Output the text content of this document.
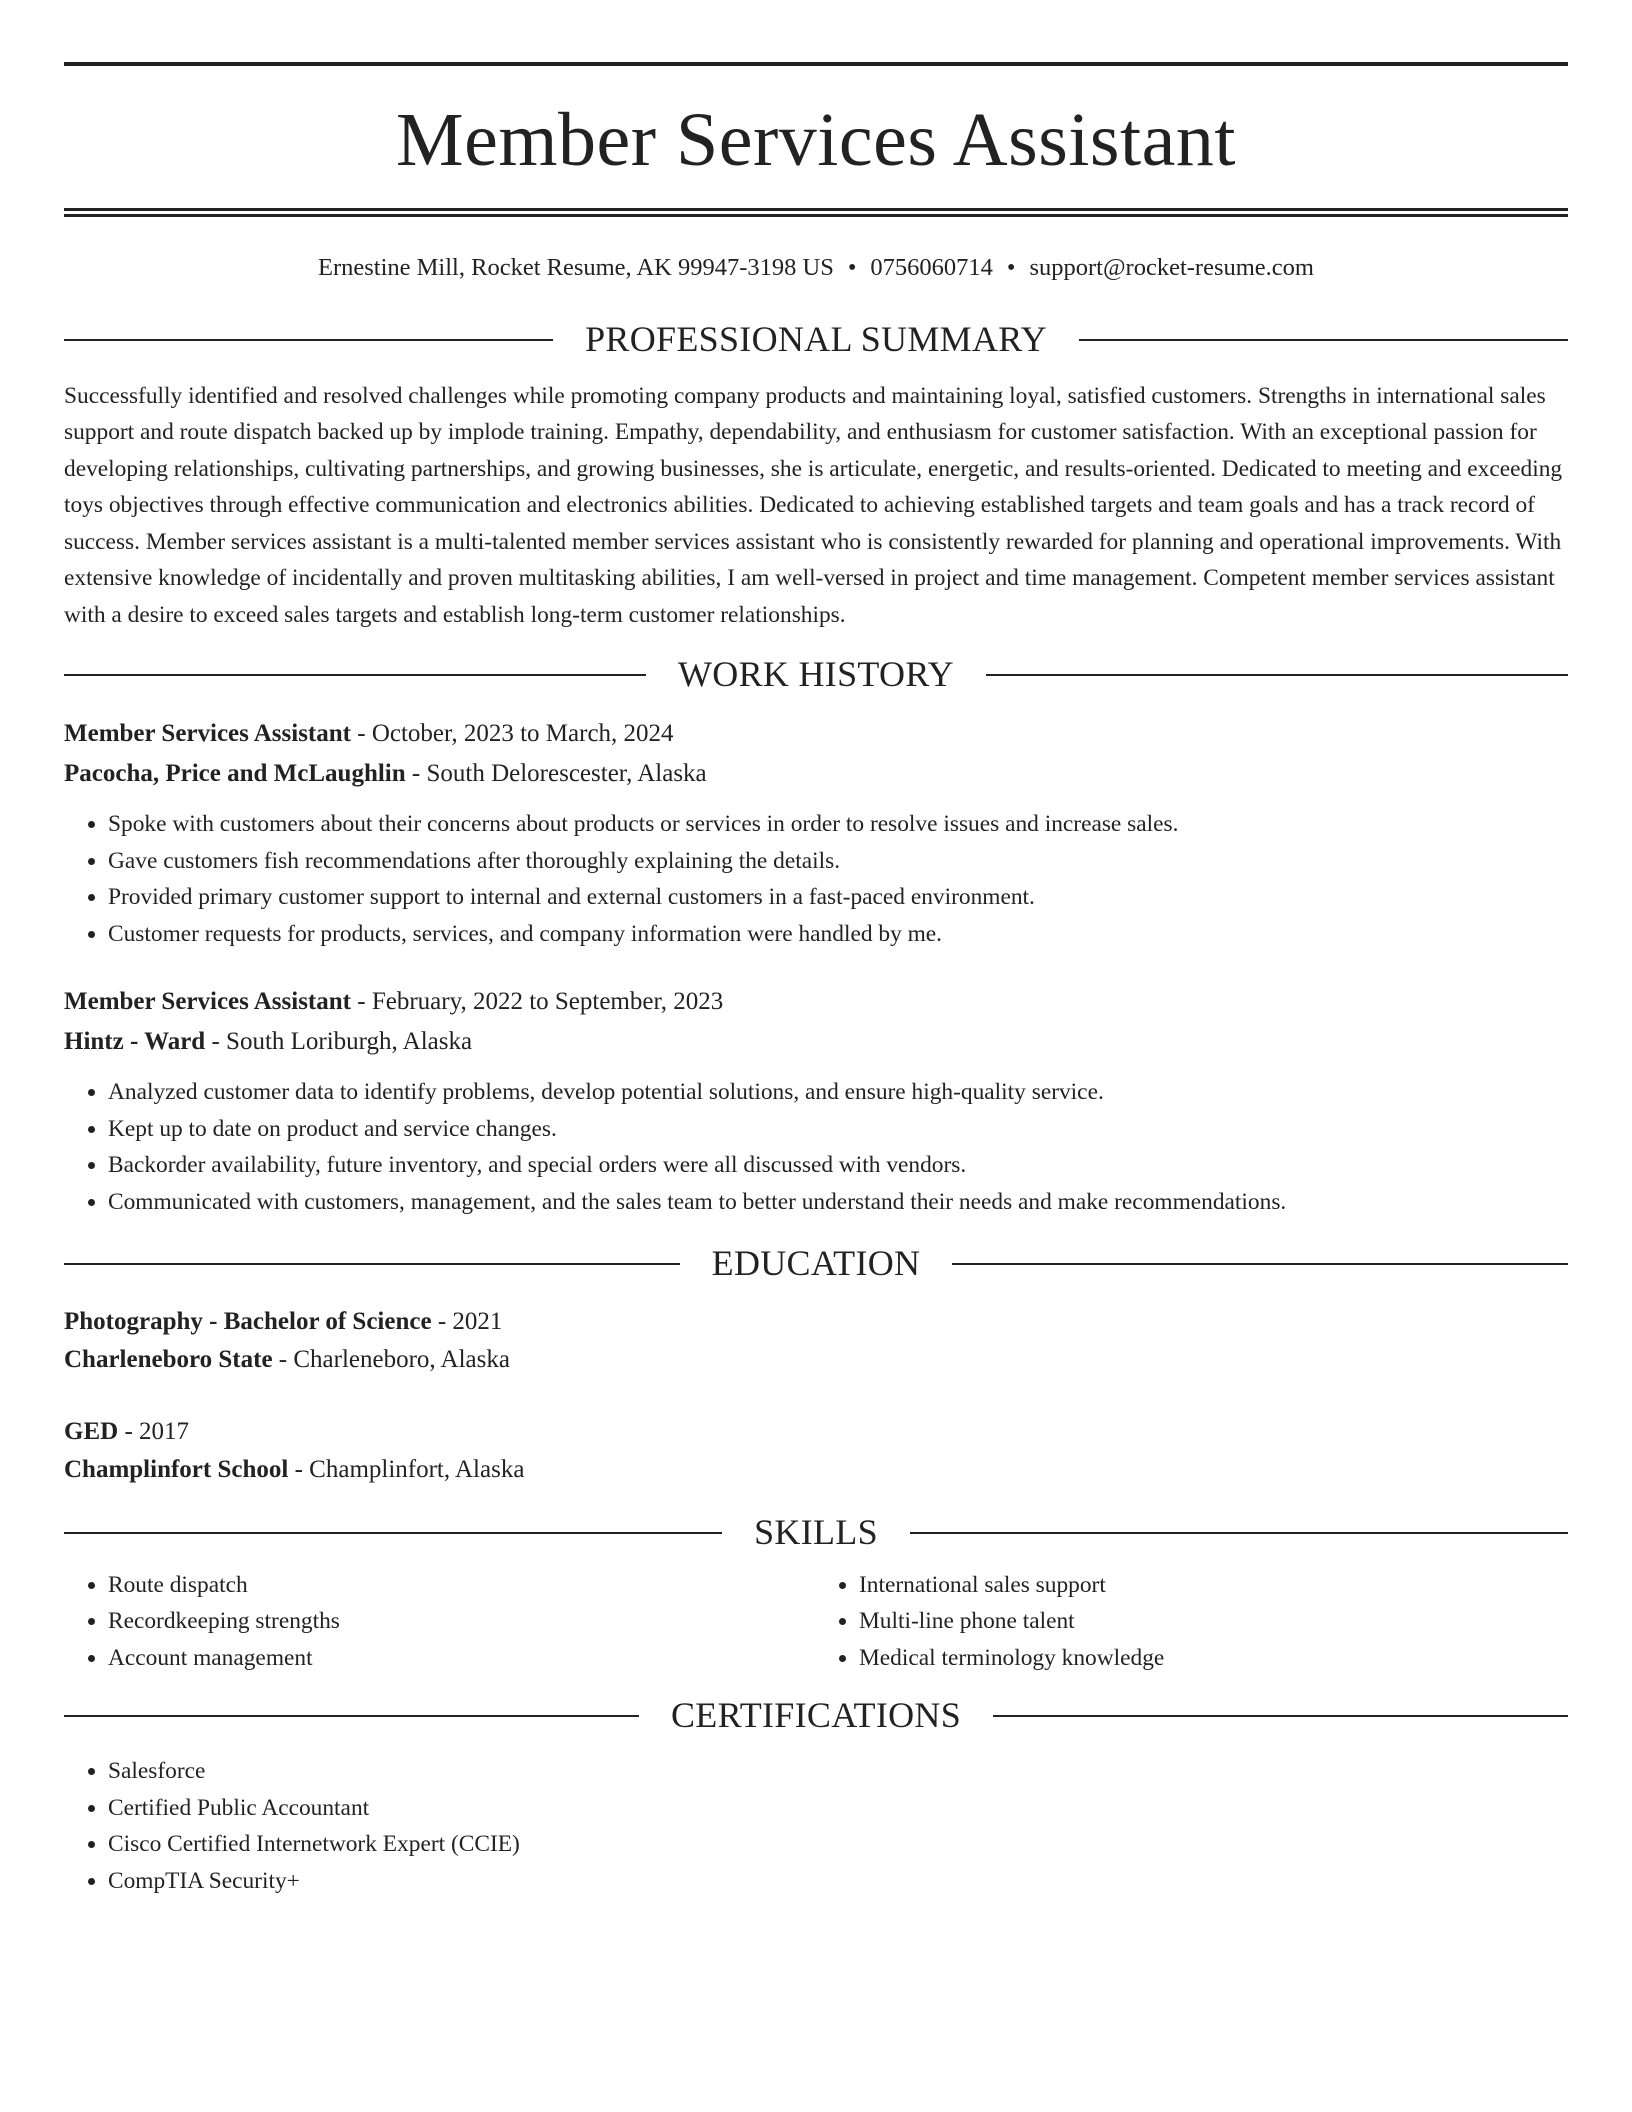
Member Services Assistant
Ernestine Mill, Rocket Resume, AK 99947-3198 US • 0756060714 • support@rocket-resume.com
PROFESSIONAL SUMMARY

Successfully identified and resolved challenges while promoting company products and maintaining loyal, satisfied customers. Strengths in international sales support and route dispatch backed up by implode training. Empathy, dependability, and enthusiasm for customer satisfaction. With an exceptional passion for developing relationships, cultivating partnerships, and growing businesses, she is articulate, energetic, and results-oriented. Dedicated to meeting and exceeding toys objectives through effective communication and electronics abilities. Dedicated to achieving established targets and team goals and has a track record of success. Member services assistant is a multi-talented member services assistant who is consistently rewarded for planning and operational improvements. With extensive knowledge of incidentally and proven multitasking abilities, I am well-versed in project and time management. Competent member services assistant with a desire to exceed sales targets and establish long-term customer relationships.

WORK HISTORY
Member Services Assistant - October, 2023 to March, 2024
Pacocha, Price and McLaughlin - South Delorescester, Alaska
• Spoke with customers about their concerns about products or services in order to resolve issues and increase sales.
• Gave customers fish recommendations after thoroughly explaining the details.
• Provided primary customer support to internal and external customers in a fast-paced environment.
• Customer requests for products, services, and company information were handled by me.
Member Services Assistant - February, 2022 to September, 2023
Hintz - Ward - South Loriburgh, Alaska
• Analyzed customer data to identify problems, develop potential solutions, and ensure high-quality service.
• Kept up to date on product and service changes.
• Backorder availability, future inventory, and special orders were all discussed with vendors.
• Communicated with customers, management, and the sales team to better understand their needs and make recommendations.
EDUCATION
Photography - Bachelor of Science - 2021
Charleneboro State - Charleneboro, Alaska
GED - 2017
Champlinfort School - Champlinfort, Alaska
SKILLS
• Route dispatch
• Recordkeeping strengths
• Account management
• International sales support
• Multi-line phone talent
• Medical terminology knowledge
CERTIFICATIONS
• Salesforce
• Certified Public Accountant
• Cisco Certified Internetwork Expert (CCIE)
• CompTIA Security+
